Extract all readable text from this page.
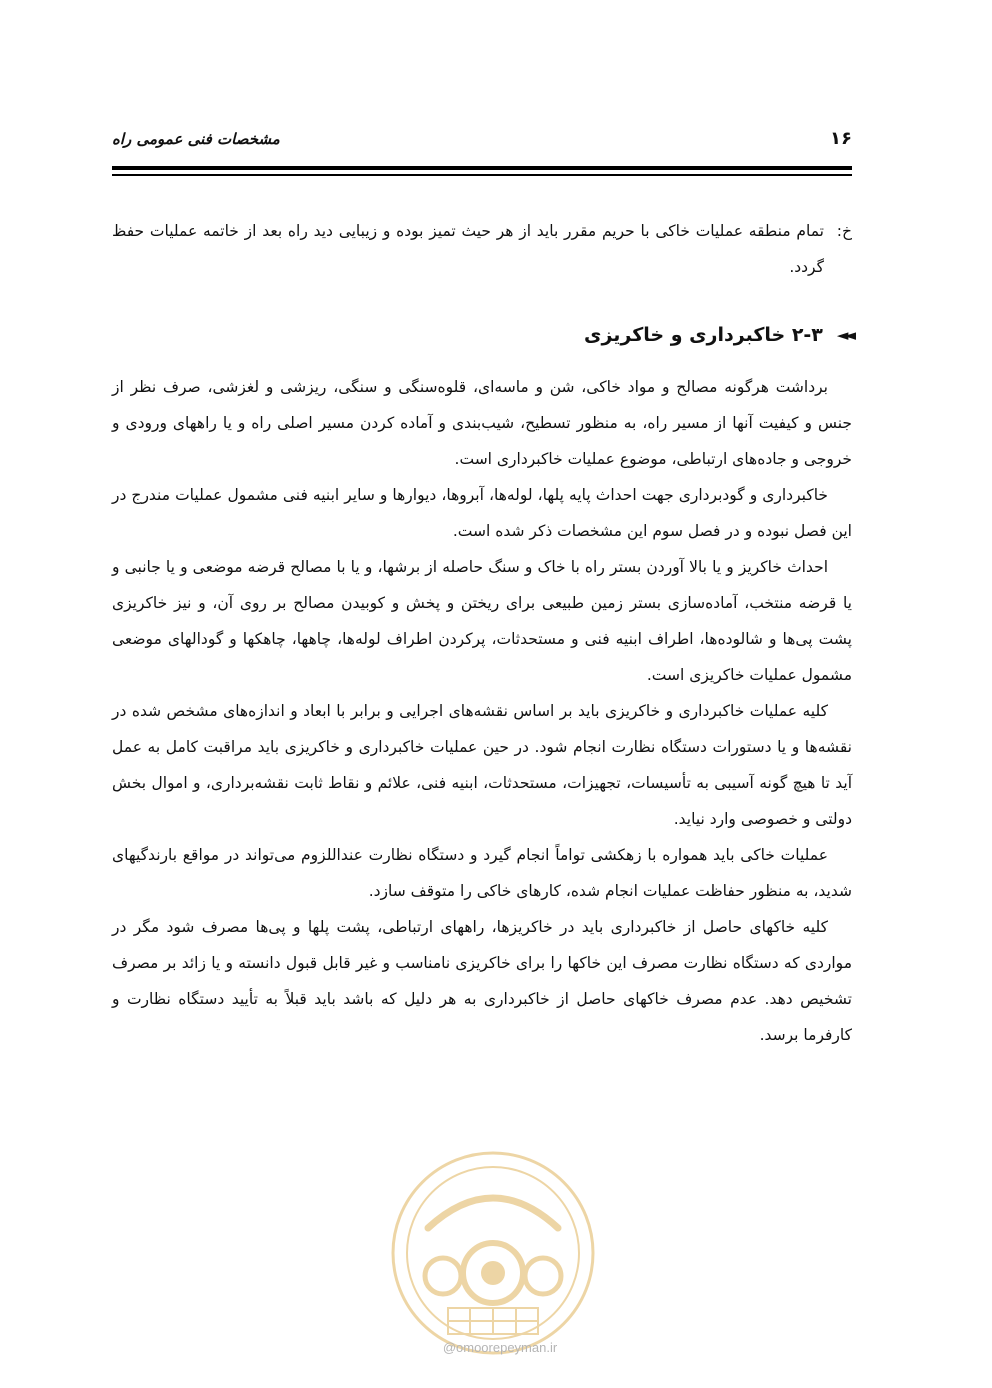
۱۶
مشخصات فنی عمومی راه
خ:
تمام منطقه عملیات خاکی با حریم مقرر باید از هر حیث تمیز بوده و زیبایی دید راه بعد از خاتمه عملیات حفظ گردد.
◄◄
۲-۳ خاکبرداری و خاکریزی

برداشت هرگونه مصالح و مواد خاکی، شن و ماسه‌ای، قلوه‌سنگی و سنگی، ریزشی و لغزشی، صرف نظر از جنس و کیفیت آنها از مسیر راه، به منظور تسطیح، شیب‌بندی و آماده کردن مسیر اصلی راه و یا راههای ورودی و خروجی و جاده‌های ارتباطی، موضوع عملیات خاکبرداری است.

خاکبرداری و گودبرداری جهت احداث پایه پلها، لوله‌ها، آبروها، دیوارها و سایر ابنیه فنی مشمول عملیات مندرج در این فصل نبوده و در فصل سوم این مشخصات ذکر شده است.

احداث خاکریز و یا بالا آوردن بستر راه با خاک و سنگ حاصله از برشها، و یا با مصالح قرضه موضعی و یا جانبی و یا قرضه منتخب، آماده‌سازی بستر زمین طبیعی برای ریختن و پخش و کوبیدن مصالح بر روی آن، و نیز خاکریزی پشت پی‌ها و شالوده‌ها، اطراف ابنیه فنی و مستحدثات، پرکردن اطراف لوله‌ها، چاهها، چاهکها و گودالهای موضعی مشمول عملیات خاکریزی است.

کلیه عملیات خاکبرداری و خاکریزی باید بر اساس نقشه‌های اجرایی و برابر با ابعاد و اندازه‌های مشخص شده در نقشه‌ها و یا دستورات دستگاه نظارت انجام شود. در حین عملیات خاکبرداری و خاکریزی باید مراقبت کامل به عمل آید تا هیچ گونه آسیبی به تأسیسات، تجهیزات، مستحدثات، ابنیه فنی، علائم و نقاط ثابت نقشه‌برداری، و اموال بخش دولتی و خصوصی وارد نیاید.

عملیات خاکی باید همواره با زهکشی تواماً انجام گیرد و دستگاه نظارت عنداللزوم می‌تواند در مواقع بارندگیهای شدید، به منظور حفاظت عملیات انجام شده، کارهای خاکی را متوقف سازد.

کلیه خاکهای حاصل از خاکبرداری باید در خاکریزها، راههای ارتباطی، پشت پلها و پی‌ها مصرف شود مگر در مواردی که دستگاه نظارت مصرف این خاکها را برای خاکریزی نامناسب و غیر قابل قبول دانسته و یا زائد بر مصرف تشخیص دهد. عدم مصرف خاکهای حاصل از خاکبرداری به هر دلیل که باشد باید قبلاً به تأیید دستگاه نظارت و کارفرما برسد.

@omoorepeyman.ir
